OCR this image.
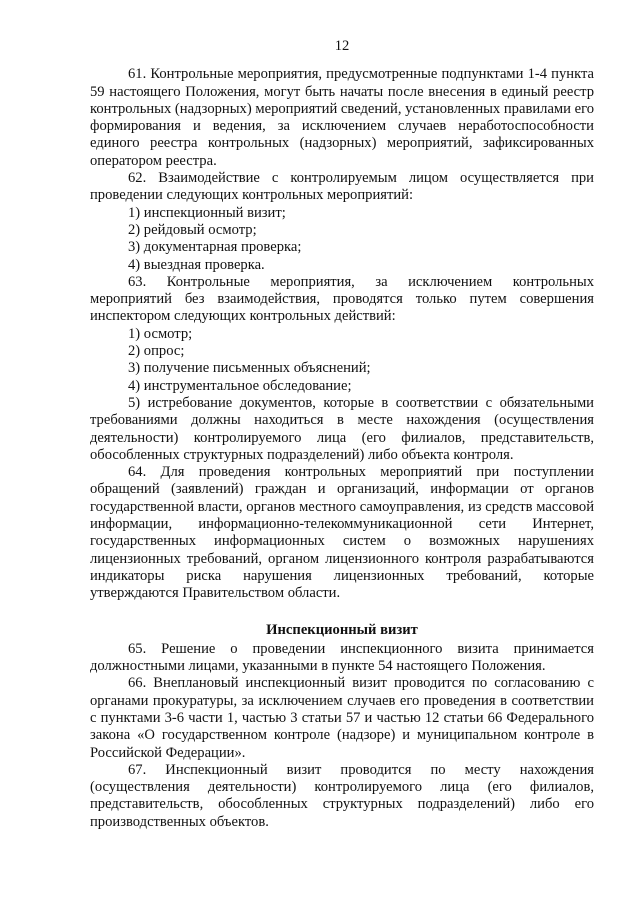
12

61. Контрольные мероприятия, предусмотренные подпунктами 1-4 пункта 59 настоящего Положения, могут быть начаты после внесения в единый реестр контрольных (надзорных) мероприятий сведений, установленных правилами его формирования и ведения, за исключением случаев неработоспособности единого реестра контрольных (надзорных) мероприятий, зафиксированных оператором реестра.

62. Взаимодействие с контролируемым лицом осуществляется при проведении следующих контрольных мероприятий:

1) инспекционный визит;

2) рейдовый осмотр;

3) документарная проверка;

4) выездная проверка.

63. Контрольные мероприятия, за исключением контрольных мероприятий без взаимодействия, проводятся только путем совершения инспектором следующих контрольных действий:

1) осмотр;

2) опрос;

3) получение письменных объяснений;

4) инструментальное обследование;

5) истребование документов, которые в соответствии с обязательными требованиями должны находиться в месте нахождения (осуществления деятельности) контролируемого лица (его филиалов, представительств, обособленных структурных подразделений) либо объекта контроля.

64. Для проведения контрольных мероприятий при поступлении обращений (заявлений) граждан и организаций, информации от органов государственной власти, органов местного самоуправления, из средств массовой информации, информационно-телекоммуникационной сети Интернет, государственных информационных систем о возможных нарушениях лицензионных требований, органом лицензионного контроля разрабатываются индикаторы риска нарушения лицензионных требований, которые утверждаются Правительством области.

Инспекционный визит

65. Решение о проведении инспекционного визита принимается должностными лицами, указанными в пункте 54 настоящего Положения.

66. Внеплановый инспекционный визит проводится по согласованию с органами прокуратуры, за исключением случаев его проведения в соответствии с пунктами 3-6 части 1, частью 3 статьи 57 и частью 12 статьи 66 Федерального закона «О государственном контроле (надзоре) и муниципальном контроле в Российской Федерации».

67. Инспекционный визит проводится по месту нахождения (осуществления деятельности) контролируемого лица (его филиалов, представительств, обособленных структурных подразделений) либо его производственных объектов.
